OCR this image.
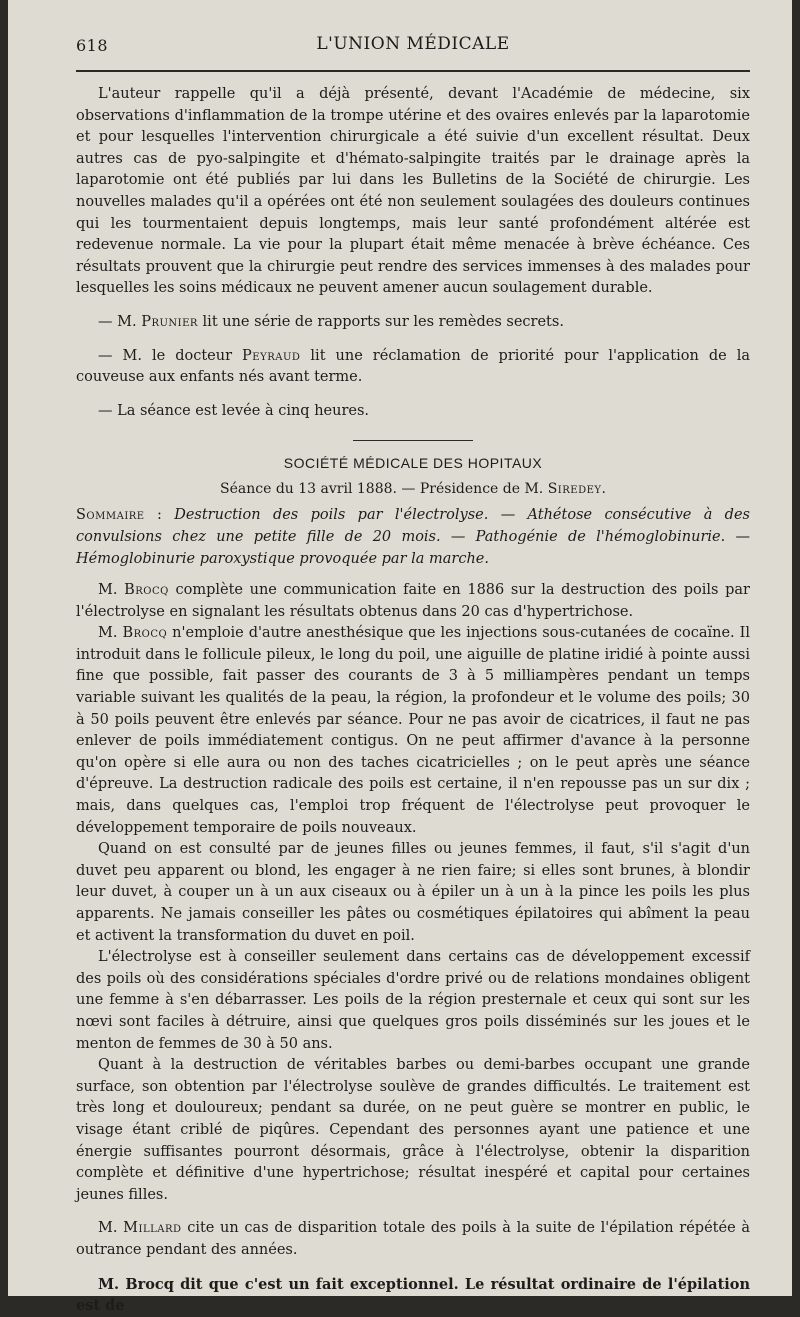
618	L'UNION MÉDICALE

L'auteur rappelle qu'il a déjà présenté, devant l'Académie de médecine, six observations d'inflammation de la trompe utérine et des ovaires enlevés par la laparotomie et pour lesquelles l'intervention chirurgicale a été suivie d'un excellent résultat. Deux autres cas de pyo-salpingite et d'hémato-salpingite traités par le drainage après la laparotomie ont été publiés par lui dans les Bulletins de la Société de chirurgie. Les nouvelles malades qu'il a opérées ont été non seulement soulagées des douleurs continues qui les tourmentaient depuis longtemps, mais leur santé profondément altérée est redevenue normale. La vie pour la plupart était même menacée à brève échéance. Ces résultats prouvent que la chirurgie peut rendre des services immenses à des malades pour lesquelles les soins médicaux ne peuvent amener aucun soulagement durable.

— M. Prunier lit une série de rapports sur les remèdes secrets.

— M. le docteur Peyraud lit une réclamation de priorité pour l'application de la couveuse aux enfants nés avant terme.

— La séance est levée à cinq heures.

SOCIÉTÉ MÉDICALE DES HOPITAUX
Séance du 13 avril 1888. — Présidence de M. Siredey.
Sommaire : Destruction des poils par l'électrolyse. — Athétose consécutive à des convulsions chez une petite fille de 20 mois. — Pathogénie de l'hémoglobinurie. — Hémoglobinurie paroxystique provoquée par la marche.

M. Brocq complète une communication faite en 1886 sur la destruction des poils par l'électrolyse en signalant les résultats obtenus dans 20 cas d'hypertrichose.

M. Brocq n'emploie d'autre anesthésique que les injections sous-cutanées de cocaïne. Il introduit dans le follicule pileux, le long du poil, une aiguille de platine iridié à pointe aussi fine que possible, fait passer des courants de 3 à 5 milliampères pendant un temps variable suivant les qualités de la peau, la région, la profondeur et le volume des poils; 30 à 50 poils peuvent être enlevés par séance. Pour ne pas avoir de cicatrices, il faut ne pas enlever de poils immédiatement contigus. On ne peut affirmer d'avance à la personne qu'on opère si elle aura ou non des taches cicatricielles ; on le peut après une séance d'épreuve. La destruction radicale des poils est certaine, il n'en repousse pas un sur dix ; mais, dans quelques cas, l'emploi trop fréquent de l'électrolyse peut provoquer le développement temporaire de poils nouveaux.

Quand on est consulté par de jeunes filles ou jeunes femmes, il faut, s'il s'agit d'un duvet peu apparent ou blond, les engager à ne rien faire; si elles sont brunes, à blondir leur duvet, à couper un à un aux ciseaux ou à épiler un à un à la pince les poils les plus apparents. Ne jamais conseiller les pâtes ou cosmétiques épilatoires qui abîment la peau et activent la transformation du duvet en poil.

L'électrolyse est à conseiller seulement dans certains cas de développement excessif des poils où des considérations spéciales d'ordre privé ou de relations mondaines obligent une femme à s'en débarrasser. Les poils de la région presternale et ceux qui sont sur les nœvi sont faciles à détruire, ainsi que quelques gros poils disséminés sur les joues et le menton de femmes de 30 à 50 ans.

Quant à la destruction de véritables barbes ou demi-barbes occupant une grande surface, son obtention par l'électrolyse soulève de grandes difficultés. Le traitement est très long et douloureux; pendant sa durée, on ne peut guère se montrer en public, le visage étant criblé de piqûres. Cependant des personnes ayant une patience et une énergie suffisantes pourront désormais, grâce à l'électrolyse, obtenir la disparition complète et définitive d'une hypertrichose; résultat inespéré et capital pour certaines jeunes filles.

M. Millard cite un cas de disparition totale des poils à la suite de l'épilation répétée à outrance pendant des années.

M. Brocq dit que c'est un fait exceptionnel. Le résultat ordinaire de l'épilation est de
